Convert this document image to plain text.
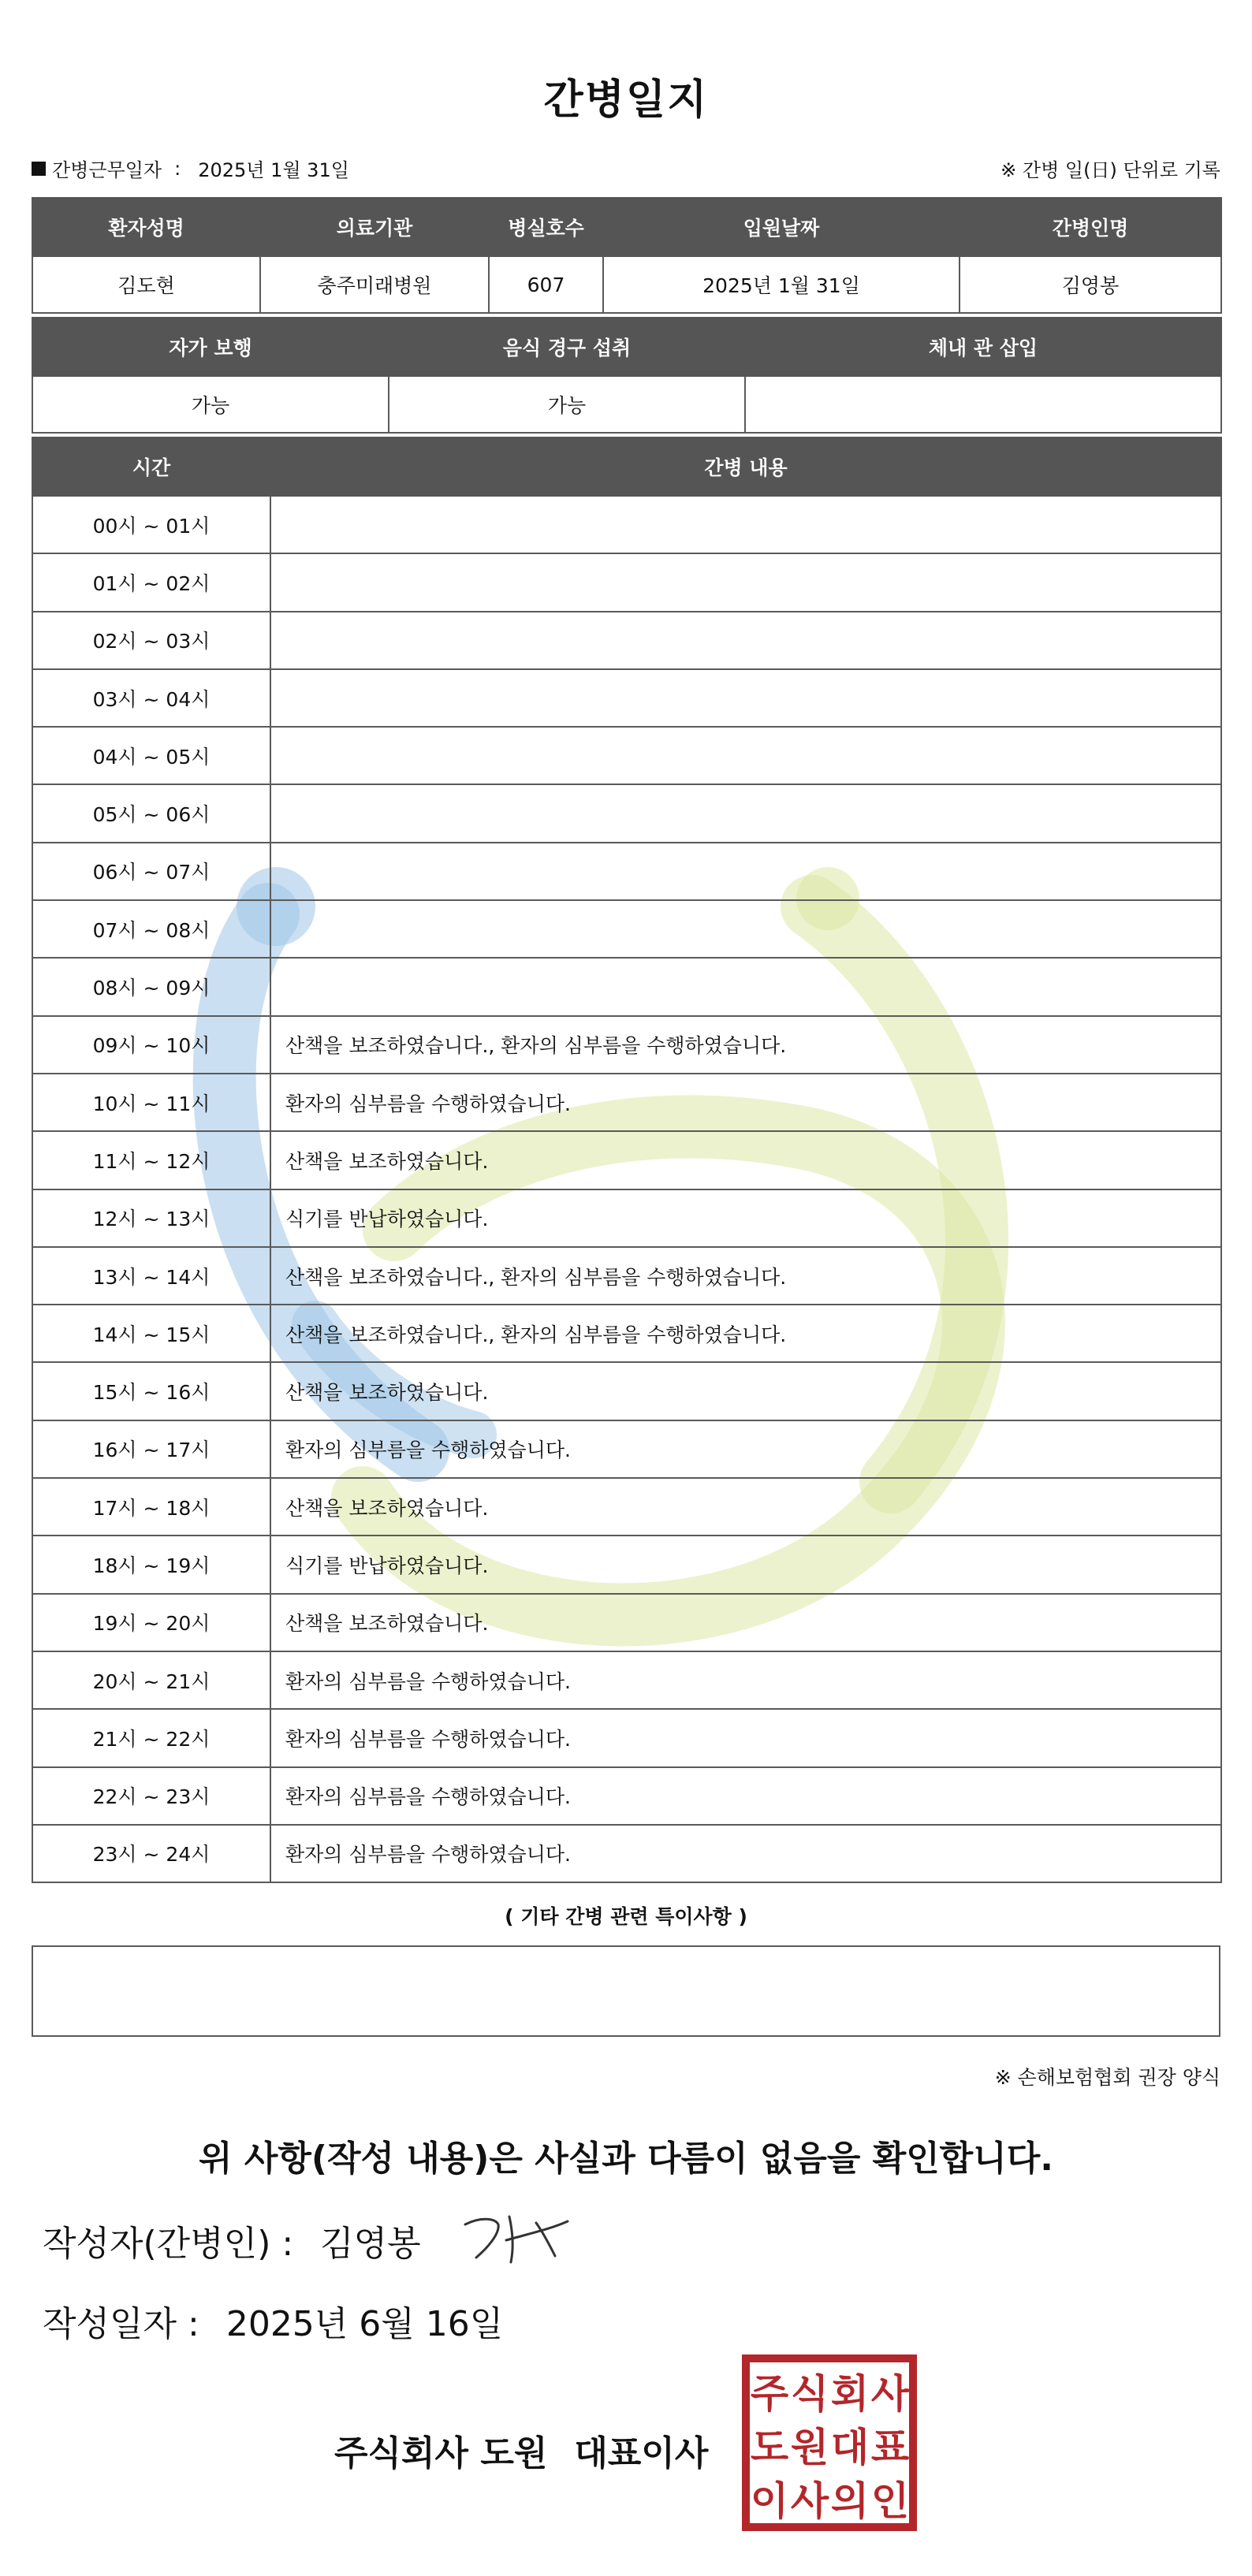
간병일지
간병근무일자 : 2025년 1월 31일	※ 간병 일(日) 단위로 기록
환자성명	의료기관	병실호수	입원날짜	간병인명
김도현	충주미래병원	607	2025년 1월 31일	김영봉
자가 보행	음식 경구 섭취	체내 관 삽입
가능	가능	
시간	간병 내용
00시 ~ 01시	
01시 ~ 02시	
02시 ~ 03시	
03시 ~ 04시	
04시 ~ 05시	
05시 ~ 06시	
06시 ~ 07시	
07시 ~ 08시	
08시 ~ 09시	
09시 ~ 10시	산책을 보조하였습니다., 환자의 심부름을 수행하였습니다.
10시 ~ 11시	환자의 심부름을 수행하였습니다.
11시 ~ 12시	산책을 보조하였습니다.
12시 ~ 13시	식기를 반납하였습니다.
13시 ~ 14시	산책을 보조하였습니다., 환자의 심부름을 수행하였습니다.
14시 ~ 15시	산책을 보조하였습니다., 환자의 심부름을 수행하였습니다.
15시 ~ 16시	산책을 보조하였습니다.
16시 ~ 17시	환자의 심부름을 수행하였습니다.
17시 ~ 18시	산책을 보조하였습니다.
18시 ~ 19시	식기를 반납하였습니다.
19시 ~ 20시	산책을 보조하였습니다.
20시 ~ 21시	환자의 심부름을 수행하였습니다.
21시 ~ 22시	환자의 심부름을 수행하였습니다.
22시 ~ 23시	환자의 심부름을 수행하였습니다.
23시 ~ 24시	환자의 심부름을 수행하였습니다.
( 기타 간병 관련 특이사항 )
※ 손해보험협회 권장 양식
위 사항(작성 내용)은 사실과 다름이 없음을 확인합니다.
작성자(간병인) : 김영봉
작성일자 : 2025년 6월 16일
주식회사 도원 대표이사
주 식 회 사
도 원 대 표
이 사 의 인
